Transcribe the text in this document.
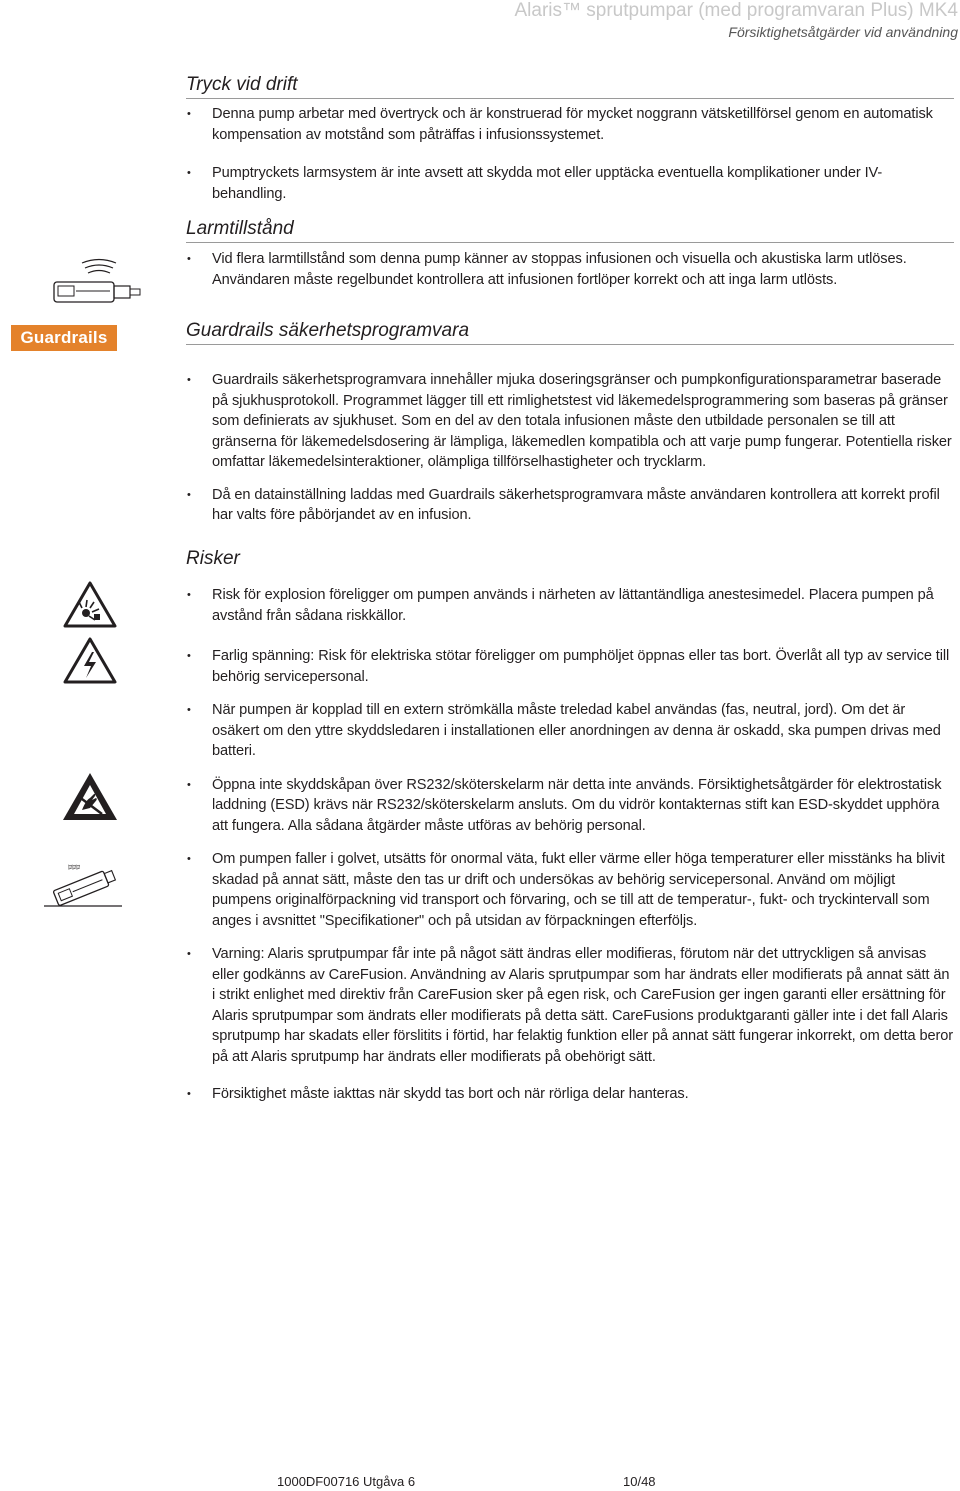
Alaris™ sprutpumpar (med programvaran Plus) MK4
Försiktighetsåtgärder vid användning
Tryck vid drift
• Denna pump arbetar med övertryck och är konstruerad för mycket noggrann vätsketillförsel genom en automatisk kompensation av motstånd som påträffas i infusionssystemet.
• Pumptryckets larmsystem är inte avsett att skydda mot eller upptäcka eventuella komplikationer under IV-behandling.
Larmtillstånd
• Vid flera larmtillstånd som denna pump känner av stoppas infusionen och visuella och akustiska larm utlöses. Användaren måste regelbundet kontrollera att infusionen fortlöper korrekt och att inga larm utlösts.
Guardrails	Guardrails säkerhetsprogramvara
• Guardrails säkerhetsprogramvara innehåller mjuka doseringsgränser och pumpkonfigurationsparametrar baserade på sjukhusprotokoll. Programmet lägger till ett rimlighetstest vid läkemedelsprogrammering som baseras på gränser som definierats av sjukhuset. Som en del av den totala infusionen måste den utbildade personalen se till att gränserna för läkemedelsdosering är lämpliga, läkemedlen kompatibla och att varje pump fungerar. Potentiella risker omfattar läkemedelsinteraktioner, olämpliga tillförselhastigheter och trycklarm.
• Då en datainställning laddas med Guardrails säkerhetsprogramvara måste användaren kontrollera att korrekt profil har valts före påbörjandet av en infusion.
Risker
ﾛﾛﾛ
• Risk för explosion föreligger om pumpen används i närheten av lättantändliga anestesimedel. Placera pumpen på avstånd från sådana riskkällor.
• Farlig spänning: Risk för elektriska stötar föreligger om pumphöljet öppnas eller tas bort. Överlåt all typ av service till behörig servicepersonal.
• När pumpen är kopplad till en extern strömkälla måste treledad kabel användas (fas, neutral, jord). Om det är osäkert om den yttre skyddsledaren i installationen eller anordningen av denna är oskadd, ska pumpen drivas med batteri.
• Öppna inte skyddskåpan över RS232/sköterskelarm när detta inte används. Försiktighetsåtgärder för elektrostatisk laddning (ESD) krävs när RS232/sköterskelarm ansluts. Om du vidrör kontakternas stift kan ESD-skyddet upphöra att fungera. Alla sådana åtgärder måste utföras av behörig personal.
• Om pumpen faller i golvet, utsätts för onormal väta, fukt eller värme eller höga temperaturer eller misstänks ha blivit skadad på annat sätt, måste den tas ur drift och undersökas av behörig servicepersonal. Använd om möjligt pumpens originalförpackning vid transport och förvaring, och se till att de temperatur-, fukt- och tryckintervall som anges i avsnittet "Specifikationer" och på utsidan av förpackningen efterföljs.
• Varning: Alaris sprutpumpar får inte på något sätt ändras eller modifieras, förutom när det uttryckligen så anvisas eller godkänns av CareFusion. Användning av Alaris sprutpumpar som har ändrats eller modifierats på annat sätt än i strikt enlighet med direktiv från CareFusion sker på egen risk, och CareFusion ger ingen garanti eller ersättning för Alaris sprutpumpar som ändrats eller modifierats på detta sätt. CareFusions produktgaranti gäller inte i det fall Alaris sprutpump har skadats eller förslitits i förtid, har felaktig funktion eller på annat sätt fungerar inkorrekt, om detta beror på att Alaris sprutpump har ändrats eller modifierats på obehörigt sätt.
• Försiktighet måste iakttas när skydd tas bort och när rörliga delar hanteras.
1000DF00716 Utgåva 6	10/48
